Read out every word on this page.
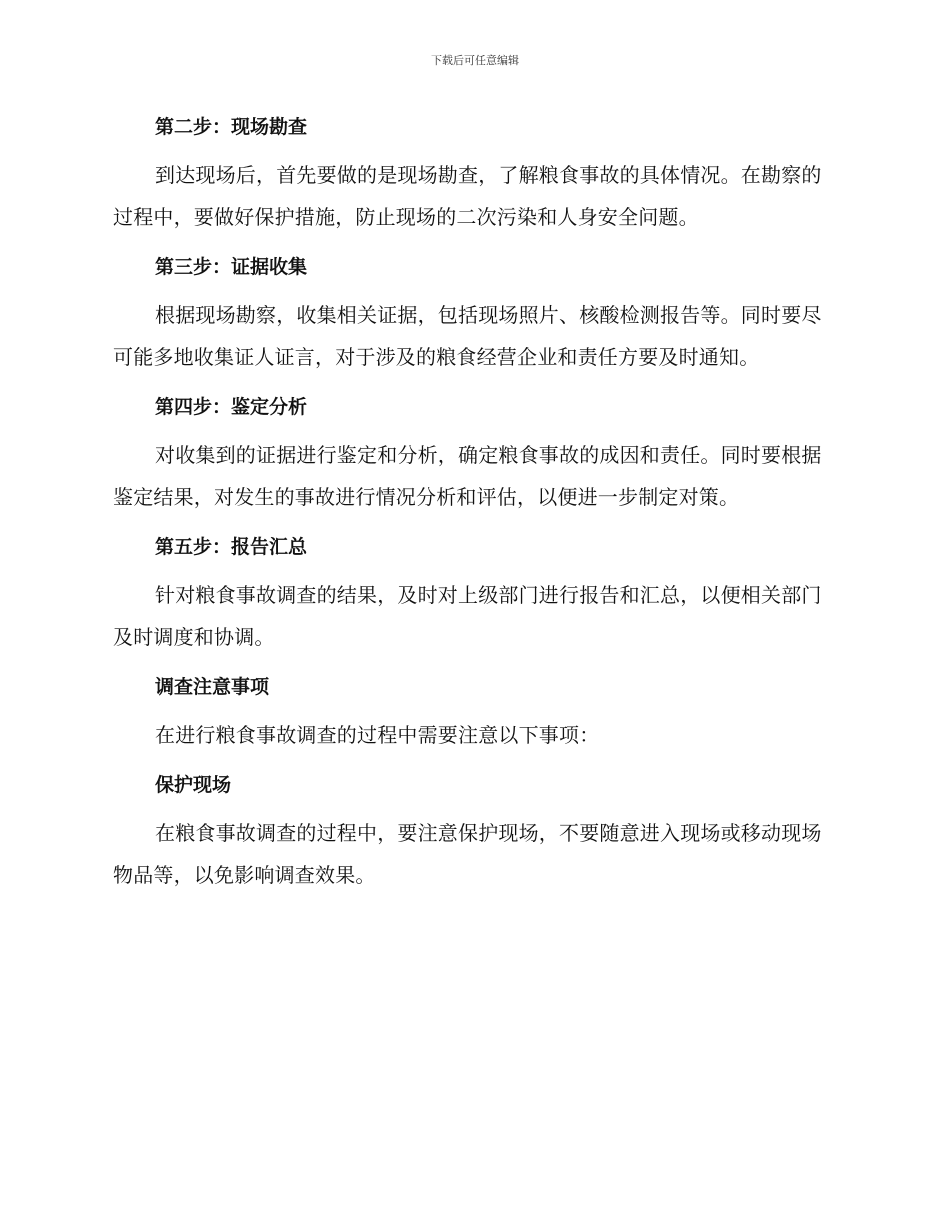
下载后可任意编辑
第二步：现场勘查

到达现场后，首先要做的是现场勘查，了解粮食事故的具体情况。在勘察的过程中，要做好保护措施，防止现场的二次污染和人身安全问题。

第三步：证据收集

根据现场勘察，收集相关证据，包括现场照片、核酸检测报告等。同时要尽可能多地收集证人证言，对于涉及的粮食经营企业和责任方要及时通知。

第四步：鉴定分析

对收集到的证据进行鉴定和分析，确定粮食事故的成因和责任。同时要根据鉴定结果，对发生的事故进行情况分析和评估，以便进一步制定对策。

第五步：报告汇总

针对粮食事故调查的结果，及时对上级部门进行报告和汇总，以便相关部门及时调度和协调。

调查注意事项

在进行粮食事故调查的过程中需要注意以下事项：

保护现场

在粮食事故调查的过程中，要注意保护现场，不要随意进入现场或移动现场物品等，以免影响调查效果。
